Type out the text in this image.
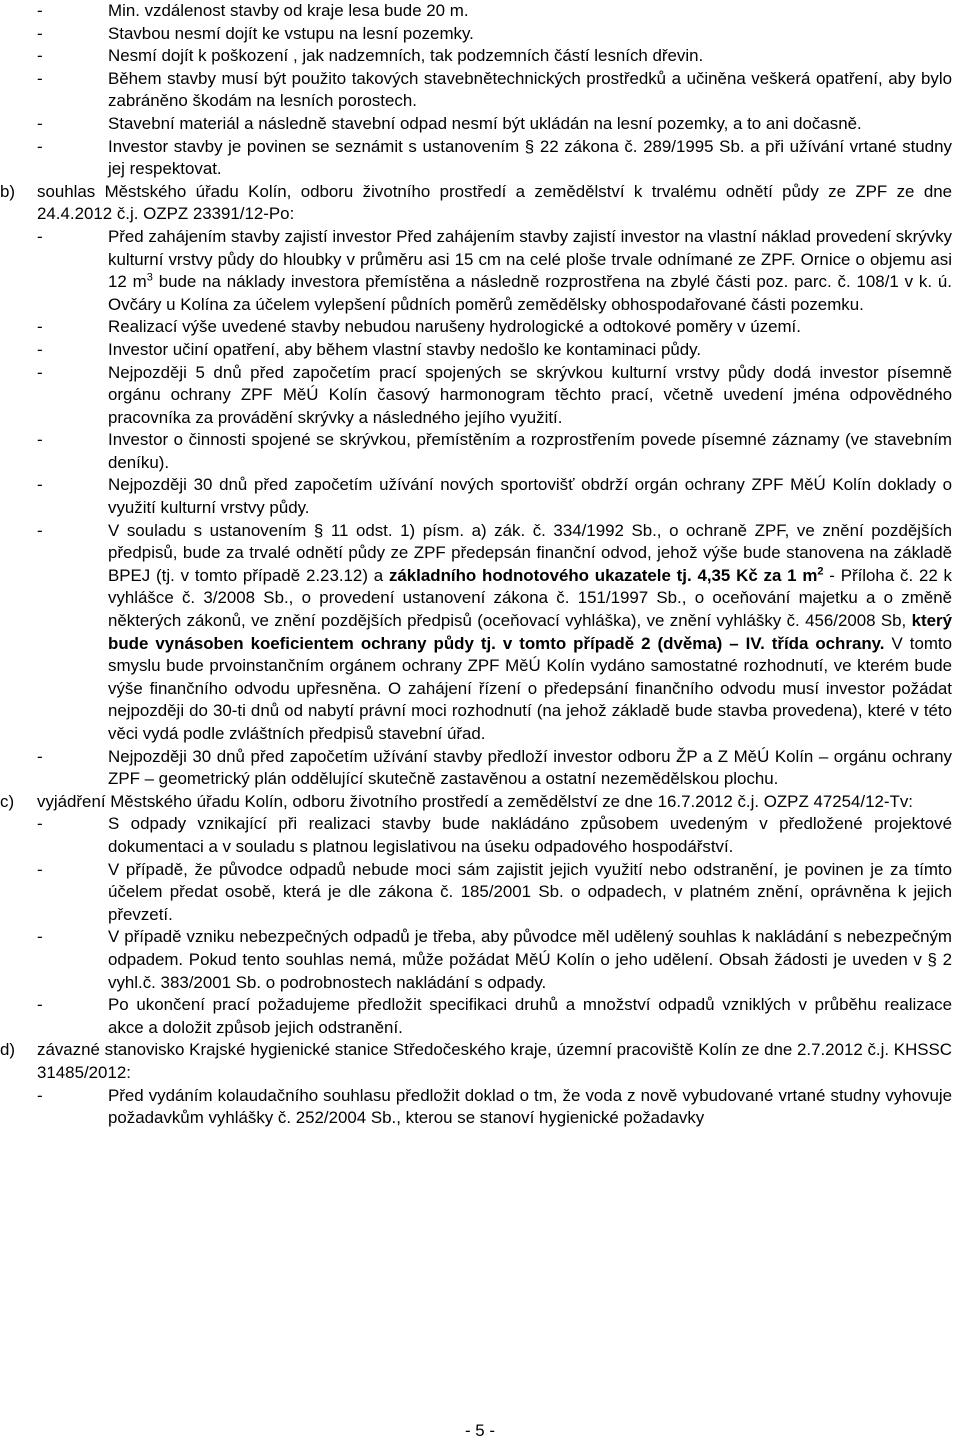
-	Min. vzdálenost stavby od kraje lesa bude 20 m.
-	Stavbou nesmí dojít ke vstupu na lesní pozemky.
-	Nesmí dojít k poškození , jak nadzemních, tak podzemních částí lesních dřevin.
-	Během stavby musí být použito takových stavebnětechnických prostředků a učiněna veškerá opatření, aby bylo zabráněno škodám na lesních porostech.
-	Stavební materiál a následně stavební odpad nesmí být ukládán na lesní pozemky, a to ani dočasně.
-	Investor stavby je povinen se seznámit s ustanovením § 22 zákona č. 289/1995 Sb. a při užívání vrtané studny jej respektovat.
b) souhlas Městského úřadu Kolín, odboru životního prostředí a zemědělství k trvalému odnětí půdy ze ZPF ze dne 24.4.2012 č.j. OZPZ 23391/12-Po:
-	Před zahájením stavby zajistí investor Před zahájením stavby zajistí investor na vlastní náklad provedení skrývky kulturní vrstvy půdy do hloubky v průměru asi 15 cm na celé ploše trvale odnímané ze ZPF. Ornice o objemu asi 12 $m^3$ bude na náklady investora přemístěna a následně rozprostřena na zbylé části poz. parc. č. 108/1 v k. ú. Ovčáry u Kolína za účelem vylepšení půdních poměrů zemědělsky obhospodařované části pozemku.
-	Realizací výše uvedené stavby nebudou narušeny hydrologické a odtokové poměry v území.
-	Investor učiní opatření, aby během vlastní stavby nedošlo ke kontaminaci půdy.
-	Nejpozději 5 dnů před započetím prací spojených se skrývkou kulturní vrstvy půdy dodá investor písemně orgánu ochrany ZPF MěÚ Kolín časový harmonogram těchto prací, včetně uvedení jména odpovědného pracovníka za provádění skrývky a následného jejího využití.
-	Investor o činnosti spojené se skrývkou, přemístěním a rozprostřením povede písemné záznamy (ve stavebním deníku).
-	Nejpozději 30 dnů před započetím užívání nových sportovišť obdrží orgán ochrany ZPF MěÚ Kolín doklady o využití kulturní vrstvy půdy.
-	V souladu s ustanovením § 11 odst. 1) písm. a) zák. č. 334/1992 Sb., o ochraně ZPF, ve znění pozdějších předpisů, bude za trvalé odnětí půdy ze ZPF předepsán finanční odvod, jehož výše bude stanovena na základě BPEJ (tj. v tomto případě 2.23.12) a základního hodnotového ukazatele tj. 4,35 Kč za 1 $m^2$ - Příloha č. 22 k vyhlášce č. 3/2008 Sb., o provedení ustanovení zákona č. 151/1997 Sb., o oceňování majetku a o změně některých zákonů, ve znění pozdějších předpisů (oceňovací vyhláška), ve znění vyhlášky č. 456/2008 Sb, který bude vynásoben koeficientem ochrany půdy tj. v tomto případě 2 (dvěma) – IV. třída ochrany. V tomto smyslu bude prvoinstančním orgánem ochrany ZPF MěÚ Kolín vydáno samostatné rozhodnutí, ve kterém bude výše finančního odvodu upřesněna. O zahájení řízení o předepsání finančního odvodu musí investor požádat nejpozději do 30-ti dnů od nabytí právní moci rozhodnutí (na jehož základě bude stavba provedena), které v této věci vydá podle zvláštních předpisů stavební úřad.
-	Nejpozději 30 dnů před započetím užívání stavby předloží investor odboru ŽP a Z MěÚ Kolín – orgánu ochrany ZPF – geometrický plán oddělující skutečně zastavěnou a ostatní nezemědělskou plochu.
c) vyjádření Městského úřadu Kolín, odboru životního prostředí a zemědělství ze dne 16.7.2012 č.j. OZPZ 47254/12-Tv:
-	S odpady vznikající při realizaci stavby bude nakládáno způsobem uvedeným v předložené projektové dokumentaci a v souladu s platnou legislativou na úseku odpadového hospodářství.
-	V případě, že původce odpadů nebude moci sám zajistit jejich využití nebo odstranění, je povinen je za tímto účelem předat osobě, která je dle zákona č. 185/2001 Sb. o odpadech, v platném znění, oprávněna k jejich převzetí.
-	V případě vzniku nebezpečných odpadů je třeba, aby původce měl udělený souhlas k nakládání s nebezpečným odpadem. Pokud tento souhlas nemá, může požádat MěÚ Kolín o jeho udělení. Obsah žádosti je uveden v § 2 vyhl.č. 383/2001 Sb. o podrobnostech nakládání s odpady.
-	Po ukončení prací požadujeme předložit specifikaci druhů a množství odpadů vzniklých v průběhu realizace akce a doložit způsob jejich odstranění.
d) závazné stanovisko Krajské hygienické stanice Středočeského kraje, územní pracoviště Kolín ze dne 2.7.2012 č.j. KHSSC 31485/2012:
-	Před vydáním kolaudačního souhlasu předložit doklad o tm, že voda z nově vybudované vrtané studny vyhovuje požadavkům vyhlášky č. 252/2004 Sb., kterou se stanoví hygienické požadavky
- 5 -
